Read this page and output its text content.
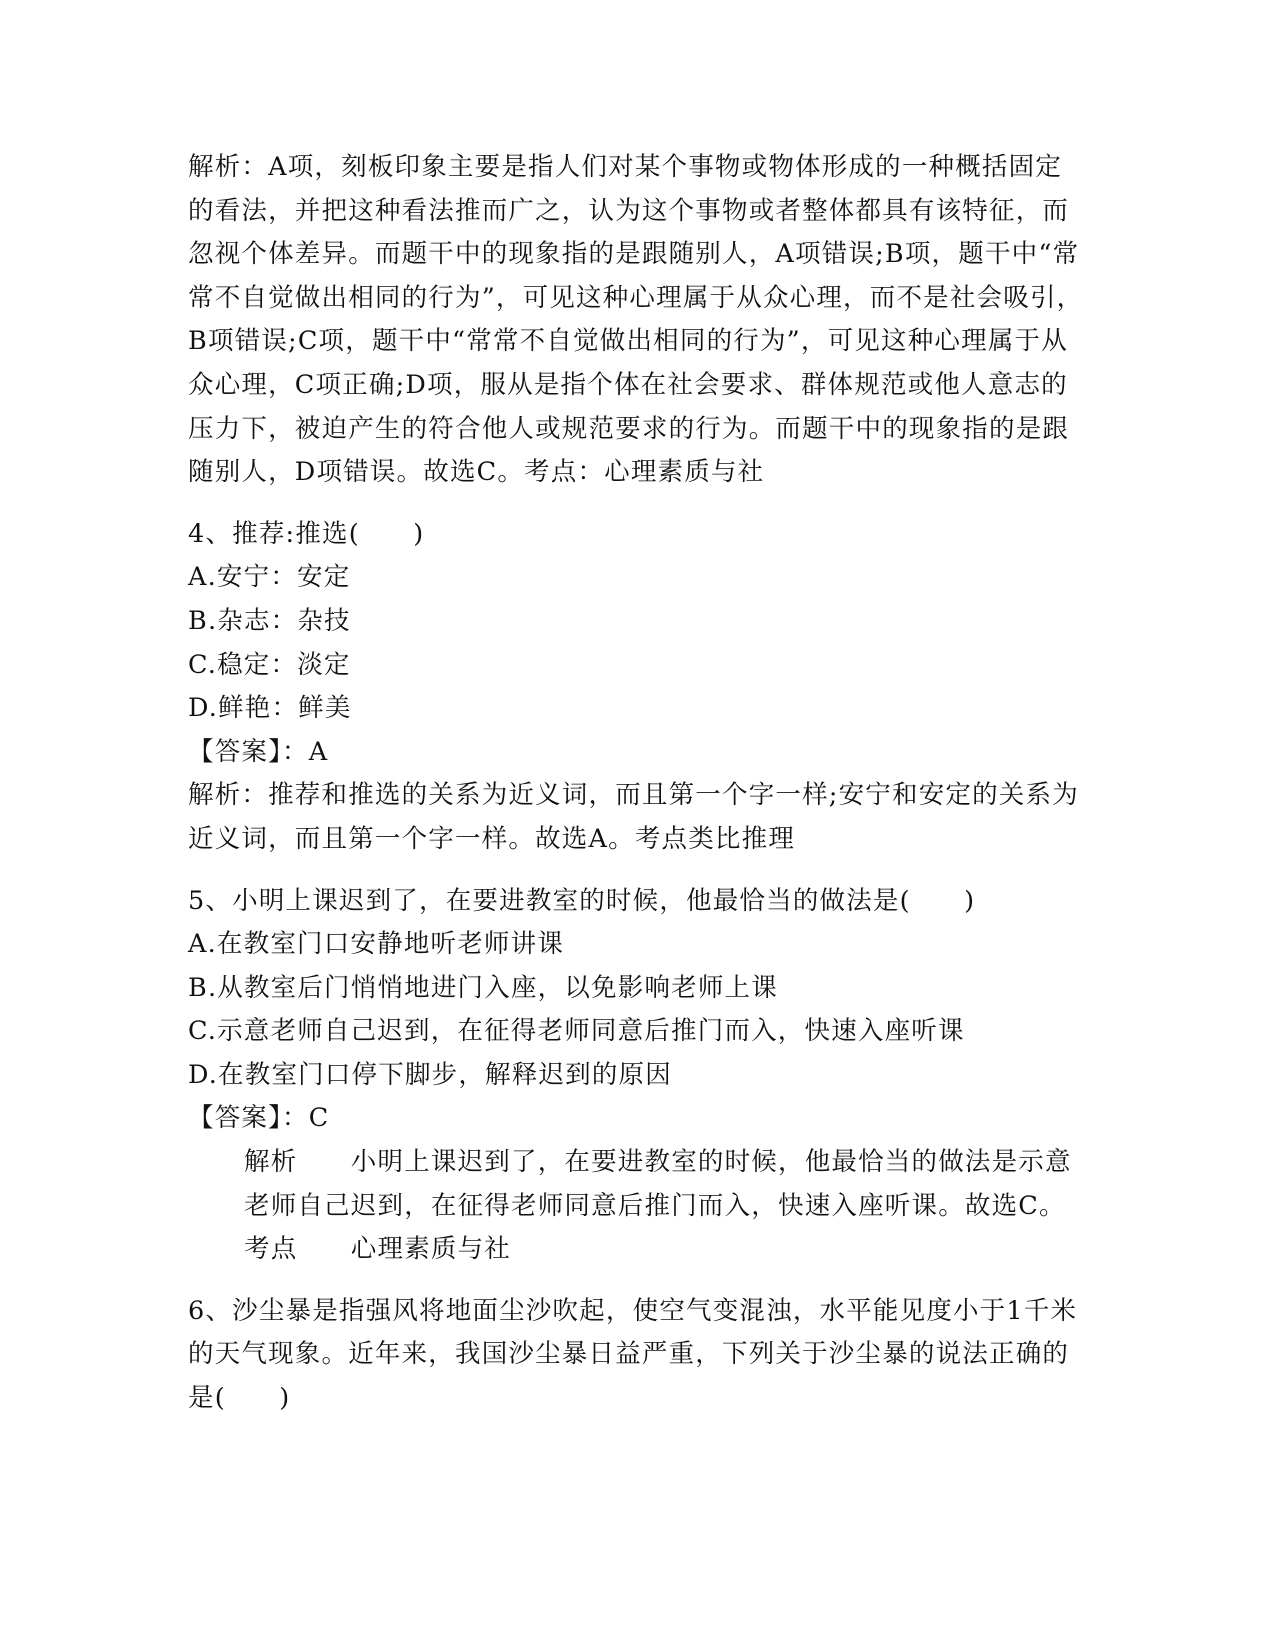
解析：A项，刻板印象主要是指人们对某个事物或物体形成的一种概括固定的看法，并把这种看法推而广之，认为这个事物或者整体都具有该特征，而忽视个体差异。而题干中的现象指的是跟随别人，A项错误;B项，题干中“常常不自觉做出相同的行为”，可见这种心理属于从众心理，而不是社会吸引，B项错误;C项，题干中“常常不自觉做出相同的行为”，可见这种心理属于从众心理，C项正确;D项，服从是指个体在社会要求、群体规范或他人意志的压力下，被迫产生的符合他人或规范要求的行为。而题干中的现象指的是跟随别人，D项错误。故选C。考点：心理素质与社

4、推荐:推选(　　)

A.安宁：安定

B.杂志：杂技

C.稳定：淡定

D.鲜艳：鲜美

【答案】：A

解析：推荐和推选的关系为近义词，而且第一个字一样;安宁和安定的关系为近义词，而且第一个字一样。故选A。考点类比推理

5、小明上课迟到了，在要进教室的时候，他最恰当的做法是(　　)

A.在教室门口安静地听老师讲课

B.从教室后门悄悄地进门入座，以免影响老师上课

C.示意老师自己迟到，在征得老师同意后推门而入，快速入座听课

D.在教室门口停下脚步，解释迟到的原因

【答案】：C

解析　　小明上课迟到了，在要进教室的时候，他最恰当的做法是示意老师自己迟到，在征得老师同意后推门而入，快速入座听课。故选C。　　考点　　心理素质与社

6、沙尘暴是指强风将地面尘沙吹起，使空气变混浊，水平能见度小于1千米的天气现象。近年来，我国沙尘暴日益严重，下列关于沙尘暴的说法正确的是(　　)
